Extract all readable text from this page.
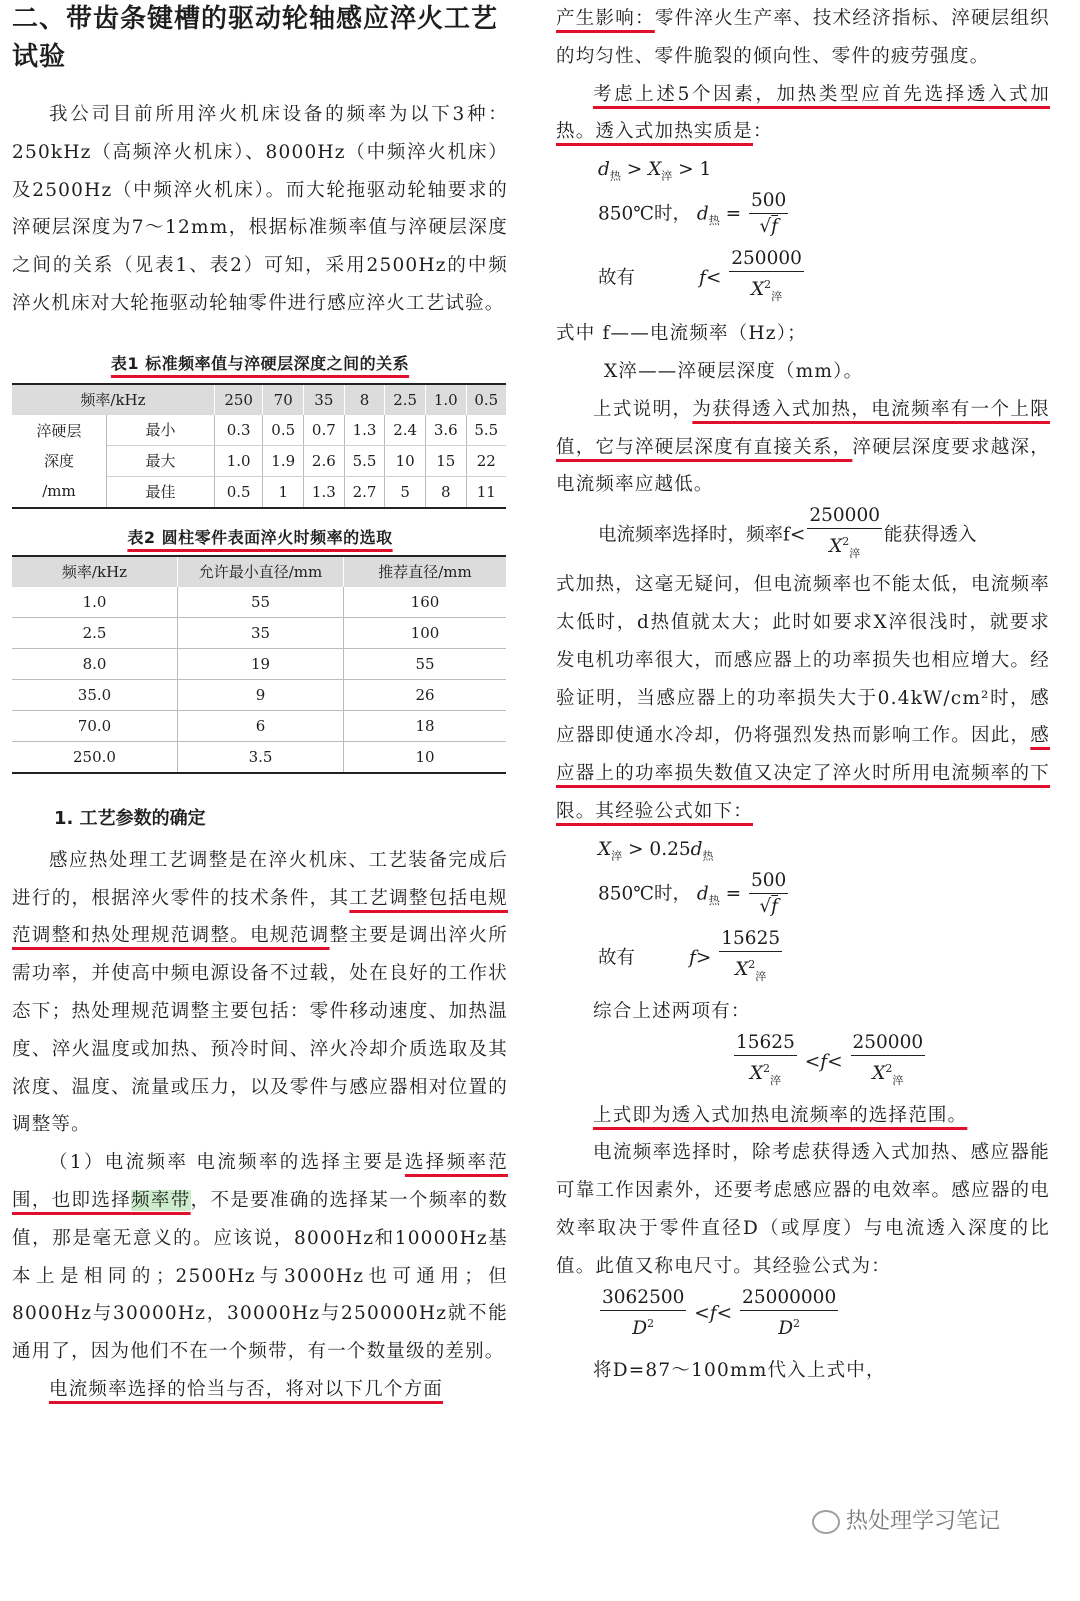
二、带齿条键槽的驱动轮轴感应淬火工艺试验

我公司目前所用淬火机床设备的频率为以下3种：250kHz（高频淬火机床）、8000Hz（中频淬火机床）及2500Hz（中频淬火机床）。而大轮拖驱动轮轴要求的淬硬层深度为7～12mm，根据标准频率值与淬硬层深度之间的关系（见表1、表2）可知，采用2500Hz的中频淬火机床对大轮拖驱动轮轴零件进行感应淬火工艺试验。

表1 标准频率值与淬硬层深度之间的关系

频率/kHz		250	70	35	8	2.5	1.0	0.5

淬硬层
深度
/mm	最小	0.3	0.5	0.7	1.3	2.4	3.6	5.5
	最大	1.0	1.9	2.6	5.5	10	15	22
	最佳	0.5	1	1.3	2.7	5	8	11

表2 圆柱零件表面淬火时频率的选取

频率/kHz	允许最小直径/mm	推荐直径/mm
1.0	55	160
2.5	35	100
8.0	19	55
35.0	9	26
70.0	6	18
250.0	3.5	10

1. 工艺参数的确定

感应热处理工艺调整是在淬火机床、工艺装备完成后进行的，根据淬火零件的技术条件，其工艺调整包括电规范调整和热处理规范调整。电规范调整主要是调出淬火所需功率，并使高中频电源设备不过载，处在良好的工作状态下；热处理规范调整主要包括：零件移动速度、加热温度、淬火温度或加热、预冷时间、淬火冷却介质选取及其浓度、温度、流量或压力，以及零件与感应器相对位置的调整等。

（1）电流频率 电流频率的选择主要是选择频率范围，也即选择频率带，不是要准确的选择某一个频率的数值，那是毫无意义的。应该说，8000Hz和10000Hz基本上是相同的；2500Hz与3000Hz也可通用；但8000Hz与30000Hz，30000Hz与250000Hz就不能通用了，因为他们不在一个频带，有一个数量级的差别。

电流频率选择的恰当与否，将对以下几个方面

产生影响：零件淬火生产率、技术经济指标、淬硬层组织的均匀性、零件脆裂的倾向性、零件的疲劳强度。

考虑上述5个因素，加热类型应首先选择透入式加热。透入式加热实质是：

$d_热 > X_淬 > 1$
850℃时， $d_热 = \frac{500}{√f}$
故有	$f< \frac{250000}{X^2_淬}$

式中 f——电流频率（Hz）；

X淬——淬硬层深度（mm）。

上式说明，为获得透入式加热，电流频率有一个上限值，它与淬硬层深度有直接关系，淬硬层深度要求越深，电流频率应越低。

电流频率选择时，频率$f< \frac{250000}{X^2_淬}$ 能获得透入

式加热，这毫无疑问，但电流频率也不能太低，电流频率太低时，d热值就太大；此时如要求X淬很浅时，就要求发电机功率很大，而感应器上的功率损失也相应增大。经验证明，当感应器上的功率损失大于0.4kW/cm²时，感应器即使通水冷却，仍将强烈发热而影响工作。因此，感应器上的功率损失数值又决定了淬火时所用电流频率的下限。其经验公式如下：

$X_淬 > 0.25d_热$
850℃时， $d_热 = \frac{500}{√f}$
故有	$f> \frac{15625}{X^2_淬}$

综合上述两项有：

$\frac{15625}{X^2_淬} <f< \frac{250000}{X^2_淬}$

上式即为透入式加热电流频率的选择范围。

电流频率选择时，除考虑获得透入式加热、感应器能可靠工作因素外，还要考虑感应器的电效率。感应器的电效率取决于零件直径D（或厚度）与电流透入深度的比值。此值又称电尺寸。其经验公式为：

$\frac{3062500}{D^2} <f< \frac{25000000}{D^2}$

将D=87～100mm代入上式中，

热处理学习笔记
